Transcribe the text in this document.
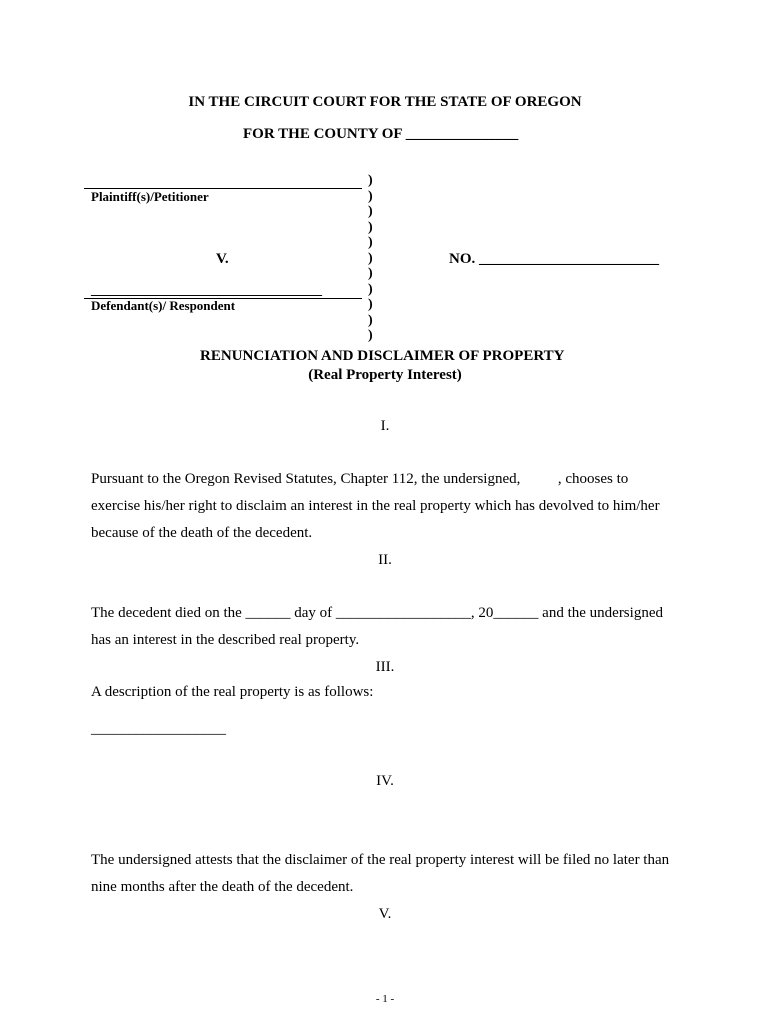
IN THE CIRCUIT COURT FOR THE STATE OF OREGON
FOR THE COUNTY OF _______________
Plaintiff(s)/Petitioner
V.
_________________________________
Defendant(s)/ Respondent
)
)
)
)
)
)
)
)
)
)
)
NO. ________________________
RENUNCIATION AND DISCLAIMER OF PROPERTY
(Real Property Interest)
I.
Pursuant to the Oregon Revised Statutes, Chapter 112, the undersigned,          , chooses to
exercise his/her right to disclaim an interest in the real property which has devolved to him/her
because of the death of the decedent.
II.
The decedent died on the ______ day of __________________, 20______ and the undersigned
has an interest in the described real property.
III.
A description of the real property is as follows:
__________________
IV.
The undersigned attests that the disclaimer of the real property interest will be filed no later than
nine months after the death of the decedent.
V.
- 1 -
